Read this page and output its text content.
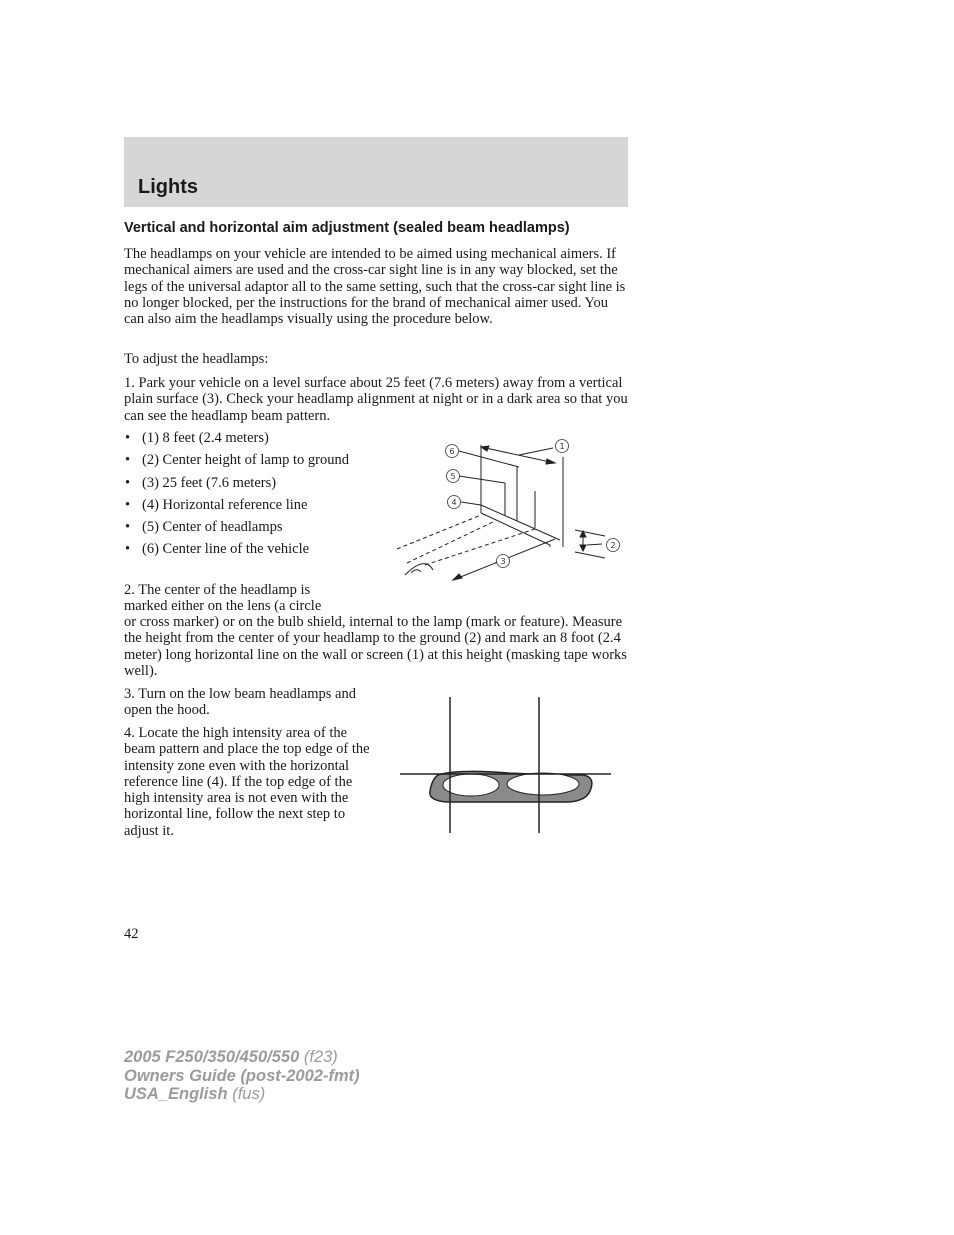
Lights
Vertical and horizontal aim adjustment (sealed beam headlamps)

The headlamps on your vehicle are intended to be aimed using mechanical aimers. If mechanical aimers are used and the cross-car sight line is in any way blocked, set the legs of the universal adaptor all to the same setting, such that the cross-car sight line is no longer blocked, per the instructions for the brand of mechanical aimer used. You can also aim the headlamps visually using the procedure below.

To adjust the headlamps:

1. Park your vehicle on a level surface about 25 feet (7.6 meters) away from a vertical plain surface (3). Check your headlamp alignment at night or in a dark area so that you can see the headlamp beam pattern.

• (1) 8 feet (2.4 meters)
• (2) Center height of lamp to ground
• (3) 25 feet (7.6 meters)
• (4) Horizontal reference line
• (5) Center of headlamps
• (6) Center line of the vehicle

2. The center of the headlamp is

marked either on the lens (a circle

or cross marker) or on the bulb shield, internal to the lamp (mark or feature). Measure the height from the center of your headlamp to the ground (2) and mark an 8 foot (2.4 meter) long horizontal line on the wall or screen (1) at this height (masking tape works well).

3. Turn on the low beam headlamps and open the hood.

4. Locate the high intensity area of the beam pattern and place the top edge of the intensity zone even with the horizontal reference line (4). If the top edge of the high intensity area is not even with the horizontal line, follow the next step to adjust it.

1
2
3
4
5
6
42
2005 F250/350/450/550 (f23)
Owners Guide (post-2002-fmt)
USA_English (fus)
